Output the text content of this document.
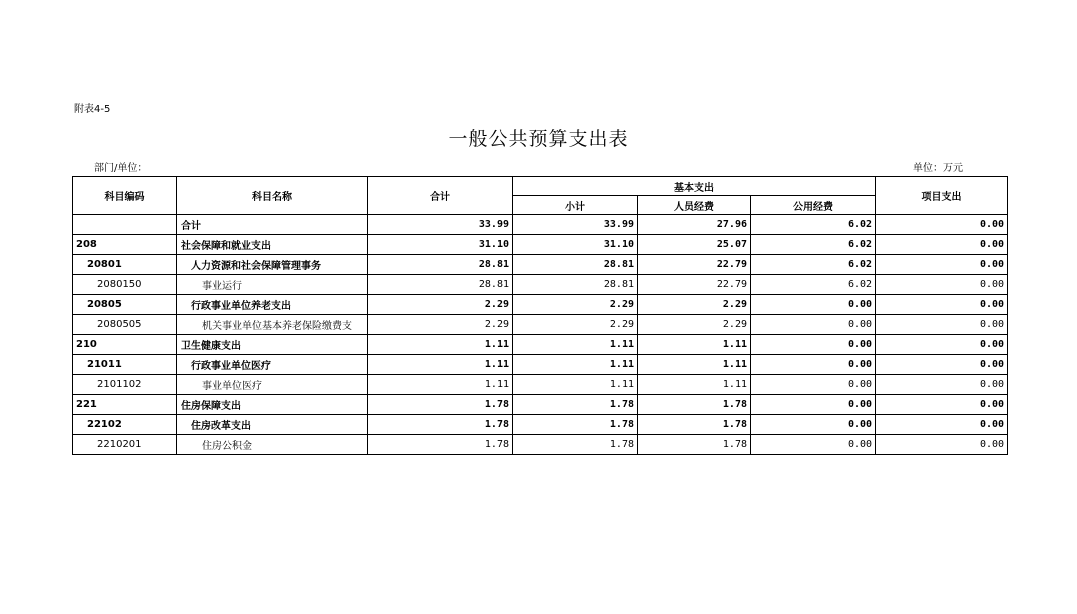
附表4-5
一般公共预算支出表
部门/单位：	单位：万元
科目编码	科目名称	合计	基本支出			项目支出
			小计	人员经费	公用经费	
	合计	33.99	33.99	27.96	6.02	0.00
208	社会保障和就业支出	31.10	31.10	25.07	6.02	0.00
20801	人力资源和社会保障管理事务	28.81	28.81	22.79	6.02	0.00
2080150	事业运行	28.81	28.81	22.79	6.02	0.00
20805	行政事业单位养老支出	2.29	2.29	2.29	0.00	0.00
2080505	机关事业单位基本养老保险缴费支	2.29	2.29	2.29	0.00	0.00
210	卫生健康支出	1.11	1.11	1.11	0.00	0.00
21011	行政事业单位医疗	1.11	1.11	1.11	0.00	0.00
2101102	事业单位医疗	1.11	1.11	1.11	0.00	0.00
221	住房保障支出	1.78	1.78	1.78	0.00	0.00
22102	住房改革支出	1.78	1.78	1.78	0.00	0.00
2210201	住房公积金	1.78	1.78	1.78	0.00	0.00
